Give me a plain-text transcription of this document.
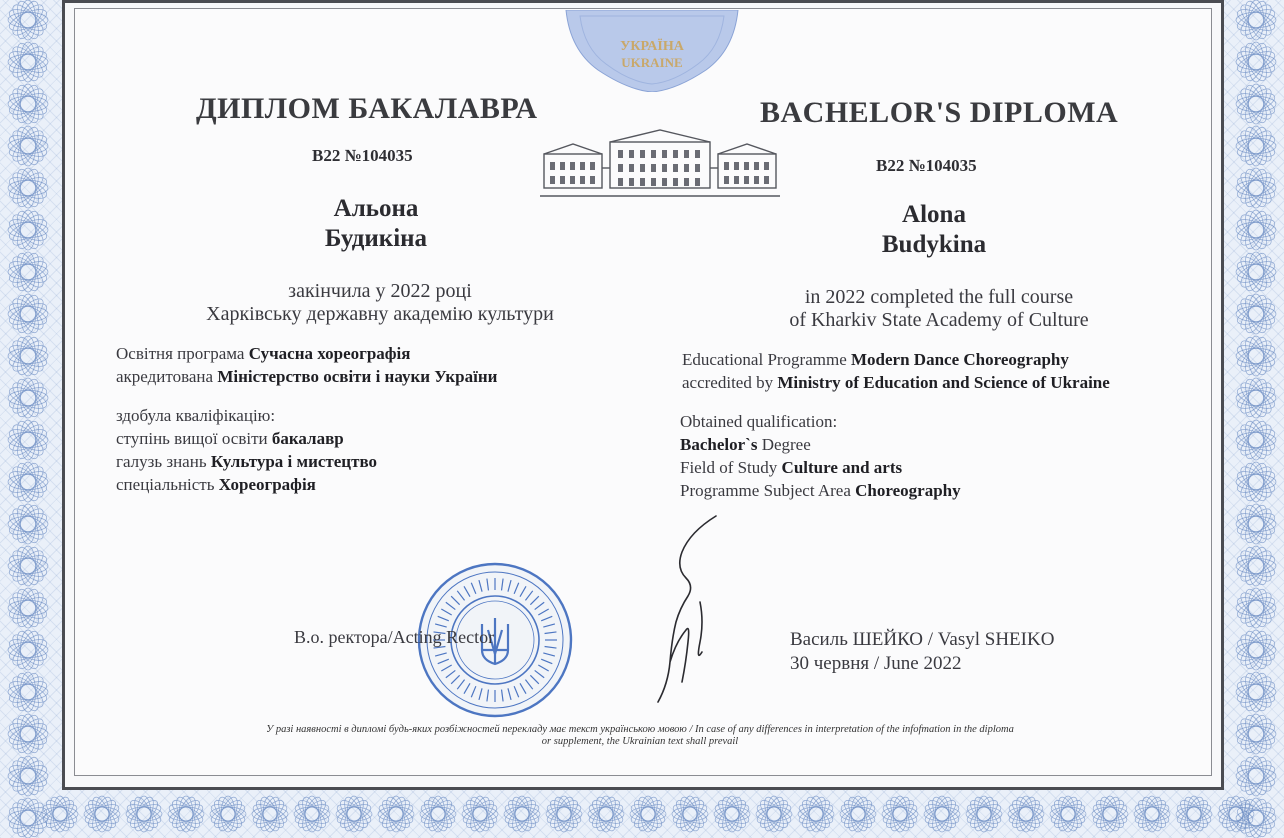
УКРАЇНА
UKRAINE
ДИПЛОМ БАКАЛАВРА	BACHELOR'S DIPLOMA
B22 №104035
B22 №104035
Альона
Будикіна
Alona
Budykina
закінчила у 2022 році
Харківську державну академію культури
in 2022 completed the full course
of Kharkiv State Academy of Culture
Освітня програма Сучасна хореографія
акредитована Міністерство освіти і науки України
Educational Programme Modern Dance Choreography
accredited by Ministry of Education and Science of Ukraine
здобула кваліфікацію:
ступінь вищої освіти бакалавр
галузь знань Культура і мистецтво
спеціальність Хореографія
Obtained qualification:
Bachelor`s Degree
Field of Study Culture and arts
Programme Subject Area Choreography
В.о. ректора/Acting Rector	Василь ШЕЙКО / Vasyl SHEIKO
30 червня / June 2022
У разі наявності в дипломі будь-яких розбіжностей перекладу має текст українською мовою / In case of any differences in interpretation of the infofmation in the diploma
or supplement, the Ukrainian text shall prevail
